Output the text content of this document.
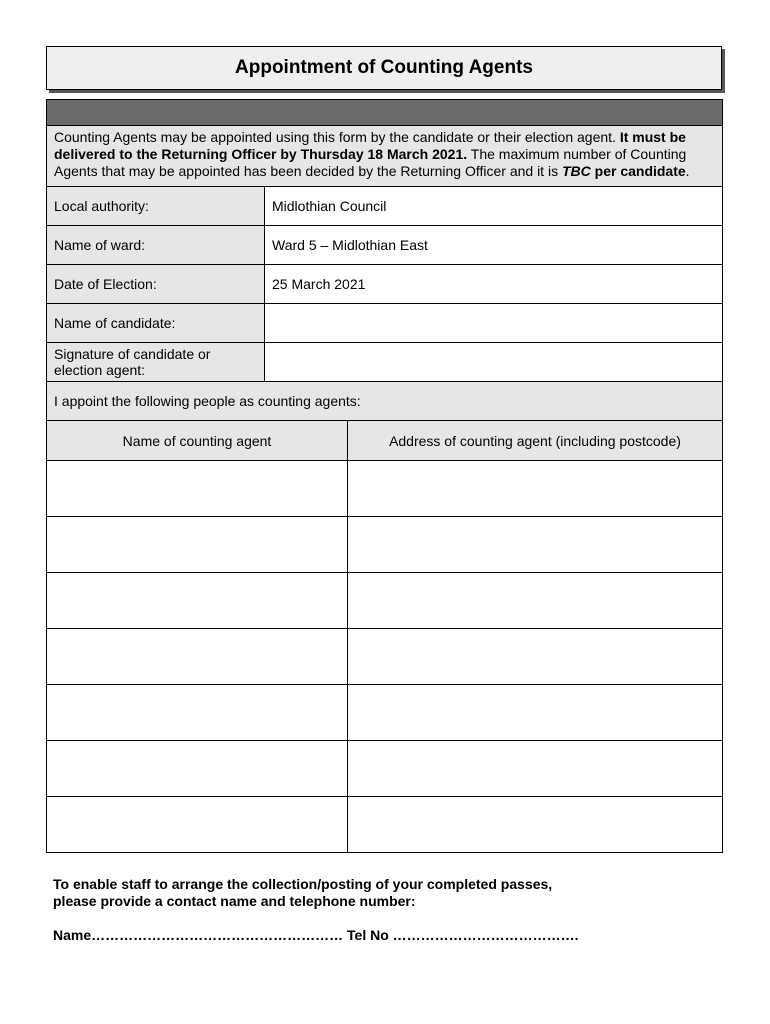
Appointment of Counting Agents
Counting Agents may be appointed using this form by the candidate or their election agent. It must be delivered to the Returning Officer by Thursday 18 March 2021. The maximum number of Counting Agents that may be appointed has been decided by the Returning Officer and it is TBC per candidate.
Local authority:	Midlothian Council
Name of ward:	Ward 5 – Midlothian East
Date of Election:	25 March 2021
Name of candidate:
Signature of candidate or election agent:
I appoint the following people as counting agents:
Name of counting agent	Address of counting agent (including postcode)
To enable staff to arrange the collection/posting of your completed passes,
please provide a contact name and telephone number:
Name……………………………………………… Tel No ………………………………….
